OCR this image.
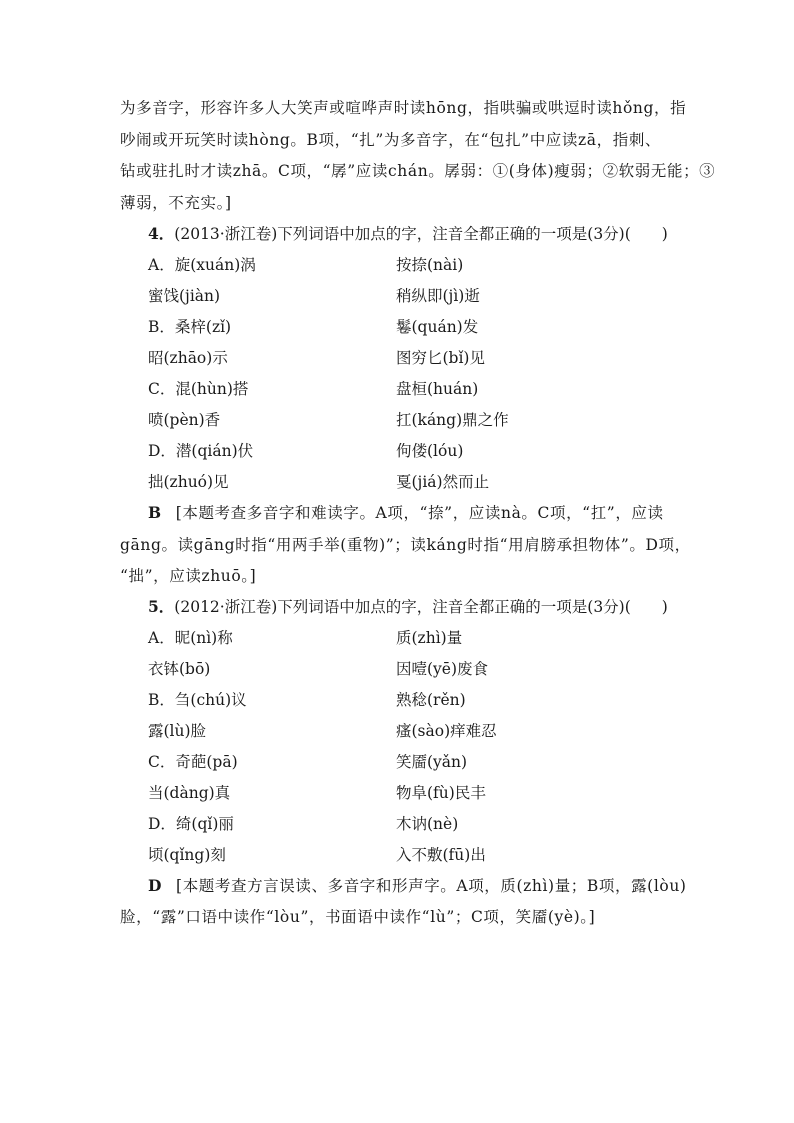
为多音字，形容许多人大笑声或喧哗声时读hōng，指哄骗或哄逗时读hǒng，指
吵闹或开玩笑时读hòng。B项，“扎”为多音字，在“包扎”中应读zā，指刺、
钻或驻扎时才读zhā。C项，“孱”应读chán。孱弱：①(身体)瘦弱；②软弱无能；③
薄弱，不充实。]
4．(2013·浙江卷)下列词语中加点的字，注音全都正确的一项是(3分)(　　)
A．旋(xuán)涡	按捺(nài)
蜜饯(jiàn)	稍纵即(jì)逝
B．桑梓(zǐ)	鬈(quán)发
昭(zhāo)示	图穷匕(bǐ)见
C．混(hùn)搭	盘桓(huán)
喷(pèn)香	扛(káng)鼎之作
D．潜(qián)伏	佝偻(lóu)
拙(zhuó)见	戛(jiá)然而止
B [本题考查多音字和难读字。A项，“捺”，应读nà。C项，“扛”，应读
gāng。读gāng时指“用两手举(重物)”；读káng时指“用肩膀承担物体”。D项，
“拙”，应读zhuō。]
5．(2012·浙江卷)下列词语中加点的字，注音全都正确的一项是(3分)(　　)
A．昵(nì)称	质(zhì)量
衣钵(bō)	因噎(yē)废食
B．刍(chú)议	熟稔(rěn)
露(lù)脸	瘙(sào)痒难忍
C．奇葩(pā)	笑靥(yǎn)
当(dàng)真	物阜(fù)民丰
D．绮(qǐ)丽	木讷(nè)
顷(qǐng)刻	入不敷(fū)出
D [本题考查方言误读、多音字和形声字。A项，质(zhì)量；B项，露(lòu)
脸，“露”口语中读作“lòu”，书面语中读作“lù”；C项，笑靥(yè)。]
